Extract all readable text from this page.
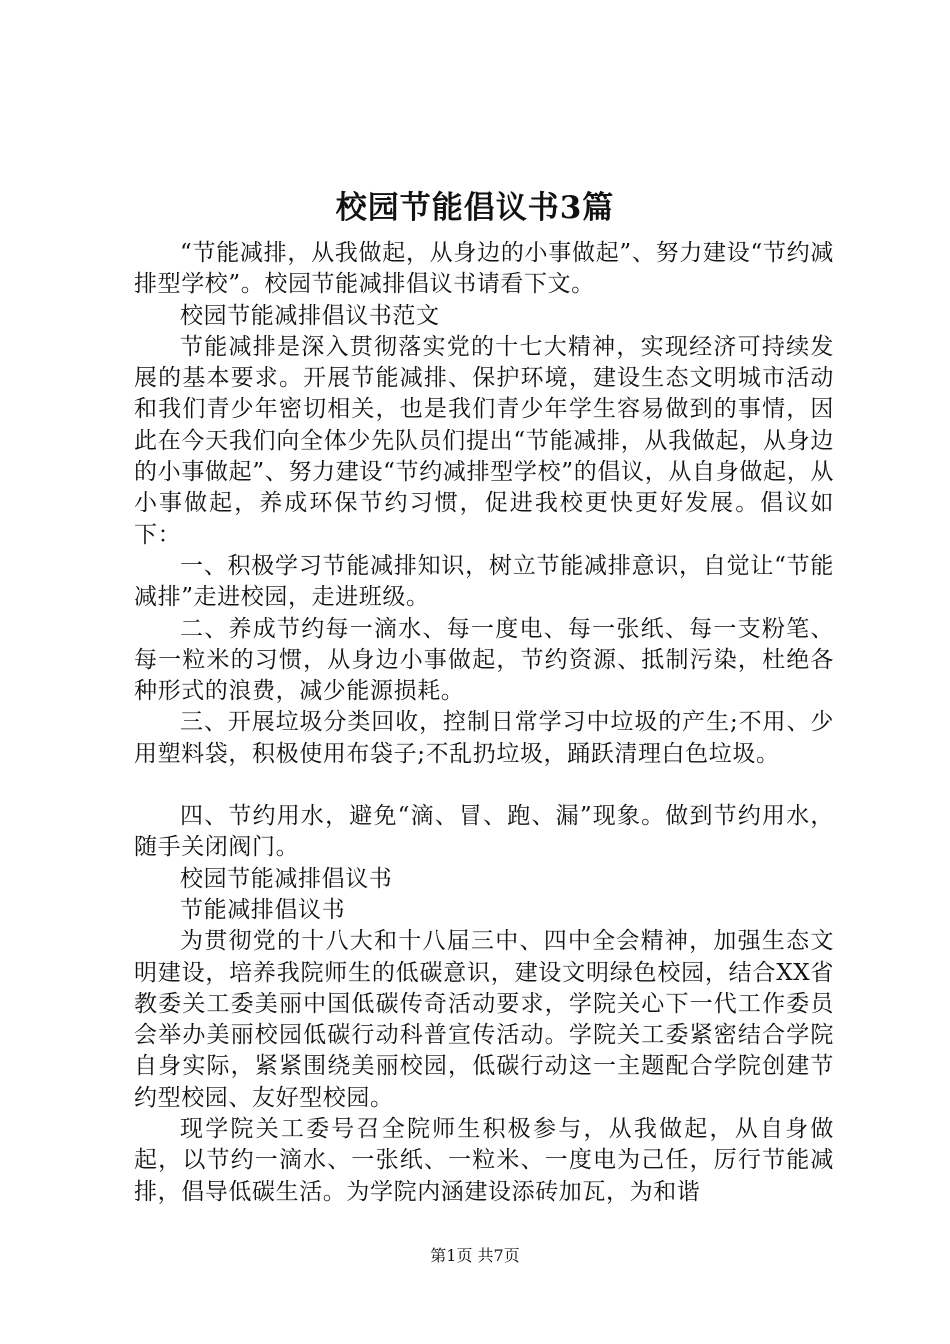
校园节能倡议书3篇

“节能减排，从我做起，从身边的小事做起”、努力建设“节约减排型学校”。校园节能减排倡议书请看下文。

校园节能减排倡议书范文

节能减排是深入贯彻落实党的十七大精神，实现经济可持续发展的基本要求。开展节能减排、保护环境，建设生态文明城市活动和我们青少年密切相关，也是我们青少年学生容易做到的事情，因此在今天我们向全体少先队员们提出“节能减排，从我做起，从身边的小事做起”、努力建设“节约减排型学校”的倡议，从自身做起，从小事做起，养成环保节约习惯，促进我校更快更好发展。倡议如下：

一、积极学习节能减排知识，树立节能减排意识，自觉让“节能减排”走进校园，走进班级。

二、养成节约每一滴水、每一度电、每一张纸、每一支粉笔、每一粒米的习惯，从身边小事做起，节约资源、抵制污染，杜绝各种形式的浪费，减少能源损耗。

三、开展垃圾分类回收，控制日常学习中垃圾的产生;不用、少用塑料袋，积极使用布袋子;不乱扔垃圾，踊跃清理白色垃圾。

四、节约用水，避免“滴、冒、跑、漏”现象。做到节约用水，随手关闭阀门。

校园节能减排倡议书

节能减排倡议书

为贯彻党的十八大和十八届三中、四中全会精神，加强生态文明建设，培养我院师生的低碳意识，建设文明绿色校园，结合XX省教委关工委美丽中国低碳传奇活动要求，学院关心下一代工作委员会举办美丽校园低碳行动科普宣传活动。学院关工委紧密结合学院自身实际，紧紧围绕美丽校园，低碳行动这一主题配合学院创建节约型校园、友好型校园。

现学院关工委号召全院师生积极参与，从我做起，从自身做起，以节约一滴水、一张纸、一粒米、一度电为己任，厉行节能减排，倡导低碳生活。为学院内涵建设添砖加瓦，为和谐

第1页 共7页
